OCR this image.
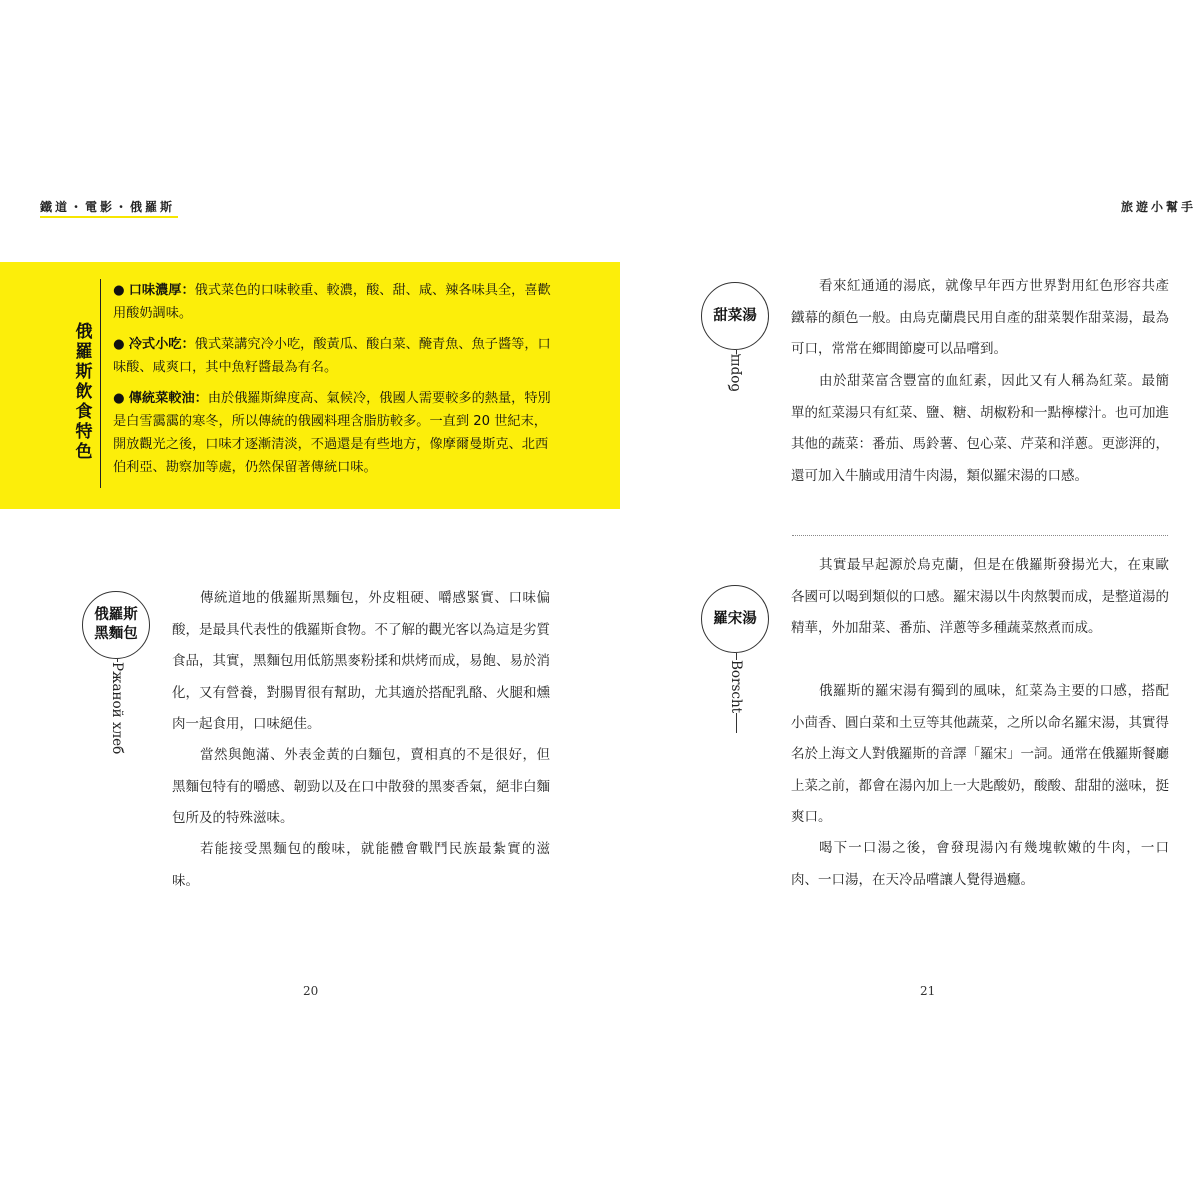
鐵道・電影・俄羅斯
俄羅斯飲食特色
● 口味濃厚：俄式菜色的口味較重、較濃，酸、甜、咸、辣各味具全，喜歡用酸奶調味。
● 冷式小吃：俄式菜講究冷小吃，酸黃瓜、酸白菜、醃青魚、魚子醬等，口味酸、咸爽口，其中魚籽醬最為有名。
● 傳統菜較油：由於俄羅斯緯度高、氣候冷，俄國人需要較多的熱量，特別是白雪靄靄的寒冬，所以傳統的俄國料理含脂肪較多。一直到 20 世紀末，開放觀光之後，口味才逐漸清淡，不過還是有些地方，像摩爾曼斯克、北西伯利亞、勘察加等處，仍然保留著傳統口味。
俄羅斯黑麵包
Ржаной хлеб

傳統道地的俄羅斯黑麵包，外皮粗硬、嚼感緊實、口味偏酸，是最具代表性的俄羅斯食物。不了解的觀光客以為這是劣質食品，其實，黑麵包用低筋黑麥粉揉和烘烤而成，易飽、易於消化，又有營養，對腸胃很有幫助，尤其適於搭配乳酪、火腿和燻肉一起食用，口味絕佳。

當然與飽滿、外表金黃的白麵包，賣相真的不是很好，但黑麵包特有的嚼感、韌勁以及在口中散發的黑麥香氣，絕非白麵包所及的特殊滋味。

若能接受黑麵包的酸味，就能體會戰鬥民族最紮實的滋味。

20
旅遊小幫手
甜菜湯
борщ

看來紅通通的湯底，就像早年西方世界對用紅色形容共產鐵幕的顏色一般。由烏克蘭農民用自產的甜菜製作甜菜湯，最為可口，常常在鄉間節慶可以品嚐到。

由於甜菜富含豐富的血紅素，因此又有人稱為紅菜。最簡單的紅菜湯只有紅菜、鹽、糖、胡椒粉和一點檸檬汁。也可加進其他的蔬菜：番茄、馬鈴薯、包心菜、芹菜和洋蔥。更澎湃的，還可加入牛腩或用清牛肉湯，類似羅宋湯的口感。

羅宋湯
Borscht

其實最早起源於烏克蘭，但是在俄羅斯發揚光大，在東歐各國可以喝到類似的口感。羅宋湯以牛肉熬製而成，是整道湯的精華，外加甜菜、番茄、洋蔥等多種蔬菜熬煮而成。

俄羅斯的羅宋湯有獨到的風味，紅菜為主要的口感，搭配小茴香、圓白菜和土豆等其他蔬菜，之所以命名羅宋湯，其實得名於上海文人對俄羅斯的音譯「羅宋」一詞。通常在俄羅斯餐廳上菜之前，都會在湯內加上一大匙酸奶，酸酸、甜甜的滋味，挺爽口。

喝下一口湯之後，會發現湯內有幾塊軟嫩的牛肉，一口肉、一口湯，在天冷品嚐讓人覺得過癮。

21
